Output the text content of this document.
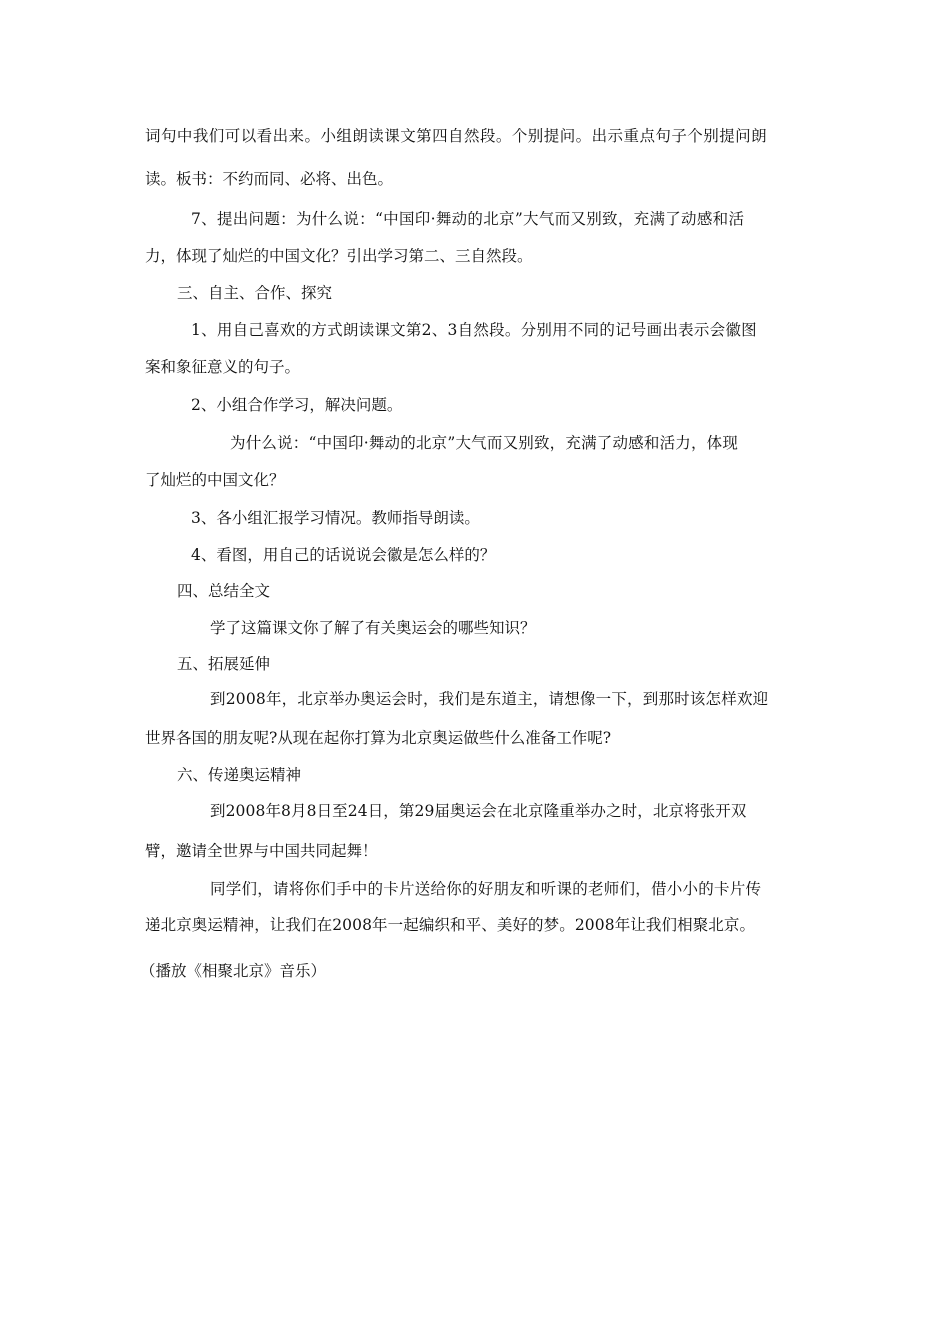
词句中我们可以看出来。小组朗读课文第四自然段。个别提问。出示重点句子个别提问朗
读。板书：不约而同、必将、出色。
7、提出问题：为什么说：“中国印·舞动的北京”大气而又别致，充满了动感和活
力，体现了灿烂的中国文化？引出学习第二、三自然段。
三、自主、合作、探究
1、用自己喜欢的方式朗读课文第2、3自然段。分别用不同的记号画出表示会徽图
案和象征意义的句子。
2、小组合作学习，解决问题。
为什么说：“中国印·舞动的北京”大气而又别致，充满了动感和活力，体现
了灿烂的中国文化？
3、各小组汇报学习情况。教师指导朗读。
4、看图，用自己的话说说会徽是怎么样的？
四、总结全文
学了这篇课文你了解了有关奥运会的哪些知识？
五、拓展延伸
到2008年，北京举办奥运会时，我们是东道主，请想像一下，到那时该怎样欢迎
世界各国的朋友呢?从现在起你打算为北京奥运做些什么准备工作呢?
六、传递奥运精神
到2008年8月8日至24日，第29届奥运会在北京隆重举办之时，北京将张开双
臂，邀请全世界与中国共同起舞！
同学们，请将你们手中的卡片送给你的好朋友和听课的老师们，借小小的卡片传
递北京奥运精神，让我们在2008年一起编织和平、美好的梦。2008年让我们相聚北京。
（播放《相聚北京》音乐）
